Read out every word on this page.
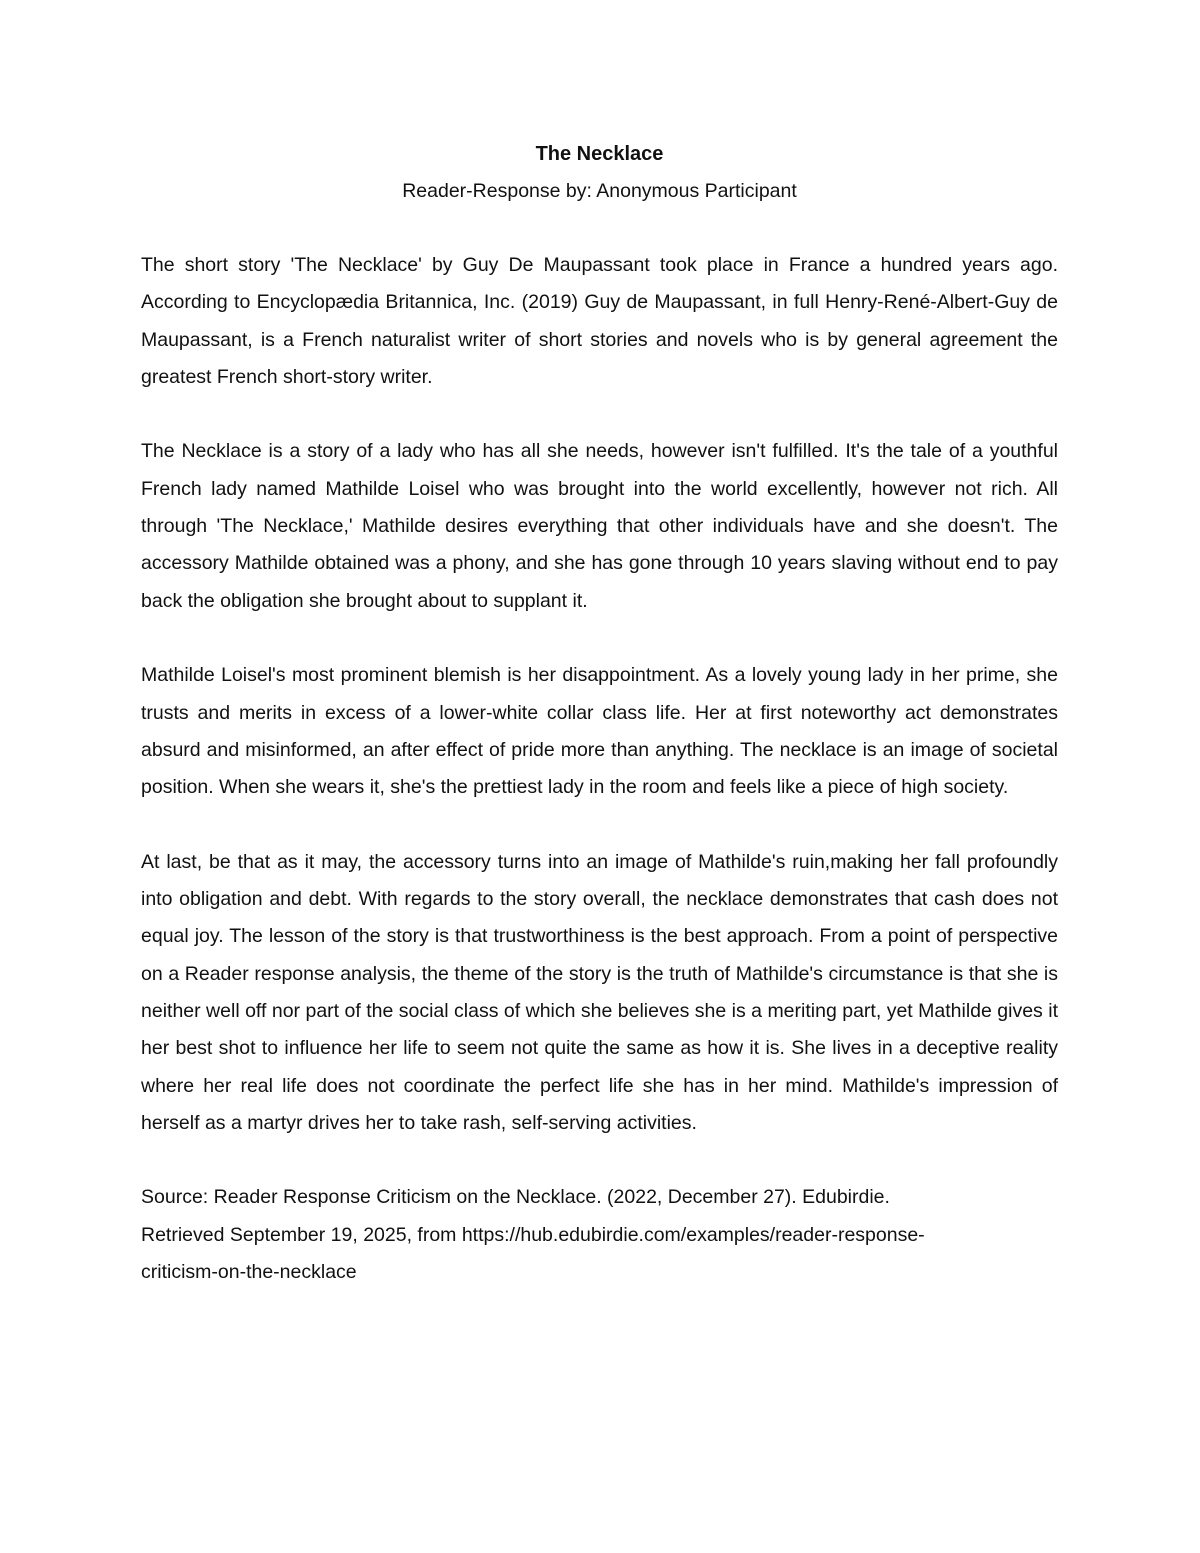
The Necklace

Reader-Response by: Anonymous Participant

The short story 'The Necklace' by Guy De Maupassant took place in France a hundred years ago. According to Encyclopædia Britannica, Inc. (2019) Guy de Maupassant, in full Henry-René-Albert-Guy de Maupassant, is a French naturalist writer of short stories and novels who is by general agreement the greatest French short-story writer.

The Necklace is a story of a lady who has all she needs, however isn't fulfilled. It's the tale of a youthful French lady named Mathilde Loisel who was brought into the world excellently, however not rich. All through 'The Necklace,' Mathilde desires everything that other individuals have and she doesn't. The accessory Mathilde obtained was a phony, and she has gone through 10 years slaving without end to pay back the obligation she brought about to supplant it.

Mathilde Loisel's most prominent blemish is her disappointment. As a lovely young lady in her prime, she trusts and merits in excess of a lower-white collar class life. Her at first noteworthy act demonstrates absurd and misinformed, an after effect of pride more than anything. The necklace is an image of societal position. When she wears it, she's the prettiest lady in the room and feels like a piece of high society.

At last, be that as it may, the accessory turns into an image of Mathilde's ruin,making her fall profoundly into obligation and debt. With regards to the story overall, the necklace demonstrates that cash does not equal joy. The lesson of the story is that trustworthiness is the best approach. From a point of perspective on a Reader response analysis, the theme of the story is the truth of Mathilde's circumstance is that she is neither well off nor part of the social class of which she believes she is a meriting part, yet Mathilde gives it her best shot to influence her life to seem not quite the same as how it is. She lives in a deceptive reality where her real life does not coordinate the perfect life she has in her mind. Mathilde's impression of herself as a martyr drives her to take rash, self-serving activities.

Source: Reader Response Criticism on the Necklace. (2022, December 27). Edubirdie.
Retrieved September 19, 2025, from https://hub.edubirdie.com/examples/reader-response-
criticism-on-the-necklace
